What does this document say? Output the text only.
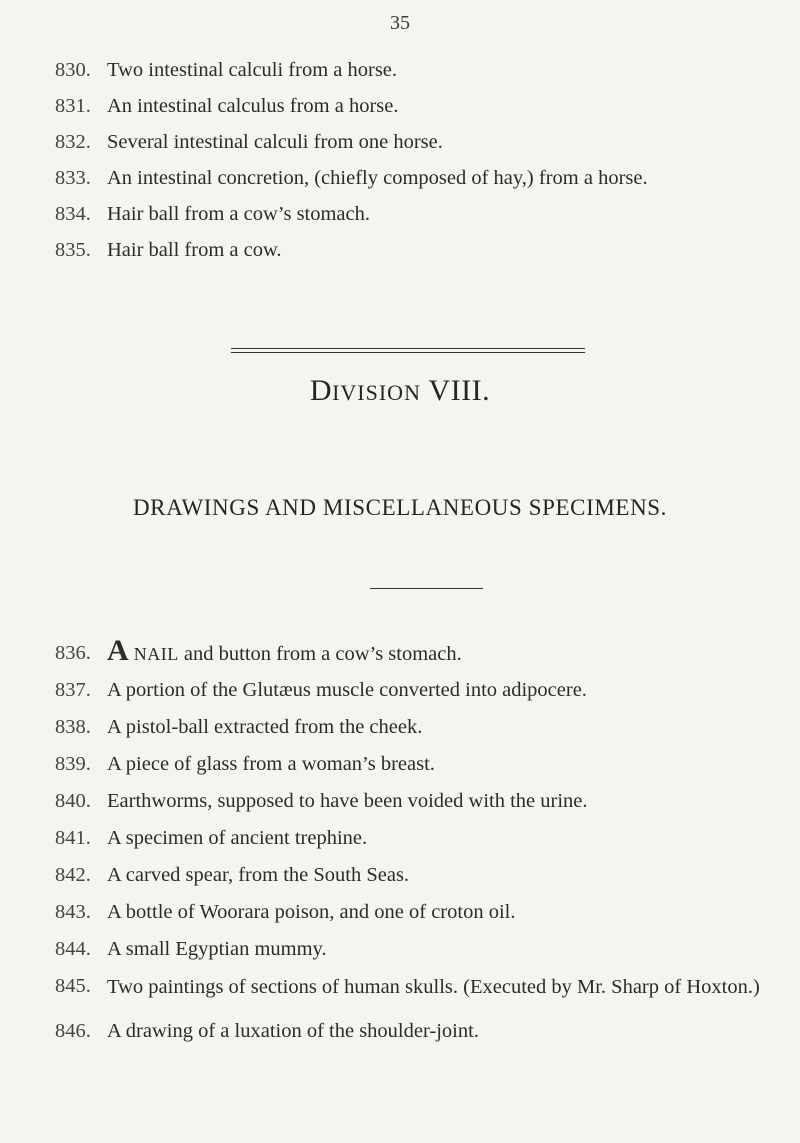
35
830. Two intestinal calculi from a horse.
831. An intestinal calculus from a horse.
832. Several intestinal calculi from one horse.
833. An intestinal concretion, (chiefly composed of hay,) from a horse.
834. Hair ball from a cow’s stomach.
835. Hair ball from a cow.
DIVISION VIII.
DRAWINGS AND MISCELLANEOUS SPECIMENS.
836. A NAIL and button from a cow’s stomach.
837. A portion of the Glutæus muscle converted into adipocere.
838. A pistol-ball extracted from the cheek.
839. A piece of glass from a woman’s breast.
840. Earthworms, supposed to have been voided with the urine.
841. A specimen of ancient trephine.
842. A carved spear, from the South Seas.
843. A bottle of Woorara poison, and one of croton oil.
844. A small Egyptian mummy.
845. Two paintings of sections of human skulls. (Executed by Mr. Sharp of Hoxton.)
846. A drawing of a luxation of the shoulder-joint.
